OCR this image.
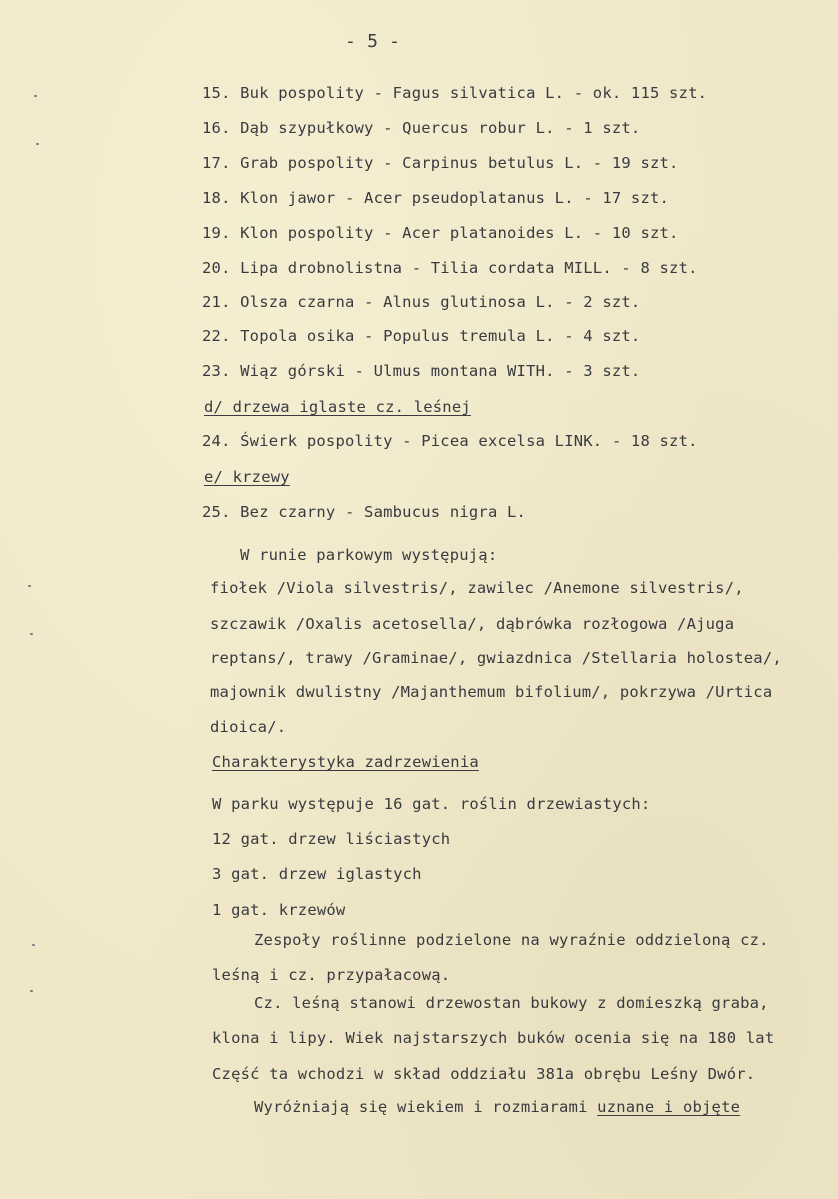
- 5 -
15. Buk pospolity - Fagus silvatica L. - ok. 115 szt.
16. Dąb szypułkowy - Quercus robur L. - 1 szt.
17. Grab pospolity - Carpinus betulus L. - 19 szt.
18. Klon jawor - Acer pseudoplatanus L. - 17 szt.
19. Klon pospolity - Acer platanoides L. - 10 szt.
20. Lipa drobnolistna - Tilia cordata MILL. - 8 szt.
21. Olsza czarna - Alnus glutinosa L. - 2 szt.
22. Topola osika - Populus tremula L. - 4 szt.
23. Wiąz górski - Ulmus montana WITH. - 3 szt.
d/ drzewa iglaste cz. leśnej
24. Świerk pospolity - Picea excelsa LINK. - 18 szt.
e/ krzewy
25. Bez czarny - Sambucus nigra L.
W runie parkowym występują:
fiołek /Viola silvestris/, zawilec /Anemone silvestris/,
szczawik /Oxalis acetosella/, dąbrówka rozłogowa /Ajuga
reptans/, trawy /Graminae/, gwiazdnica /Stellaria holostea/,
majownik dwulistny /Majanthemum bifolium/, pokrzywa /Urtica
dioica/.
Charakterystyka zadrzewienia
W parku występuje 16 gat. roślin drzewiastych:
12 gat. drzew liściastych
3 gat. drzew iglastych
1 gat. krzewów
Zespoły roślinne podzielone na wyraźnie oddzieloną cz.
leśną i cz. przypałacową.
Cz. leśną stanowi drzewostan bukowy z domieszką graba,
klona i lipy. Wiek najstarszych buków ocenia się na 180 lat
Część ta wchodzi w skład oddziału 381a obrębu Leśny Dwór.
Wyróżniają się wiekiem i rozmiarami uznane i objęte
